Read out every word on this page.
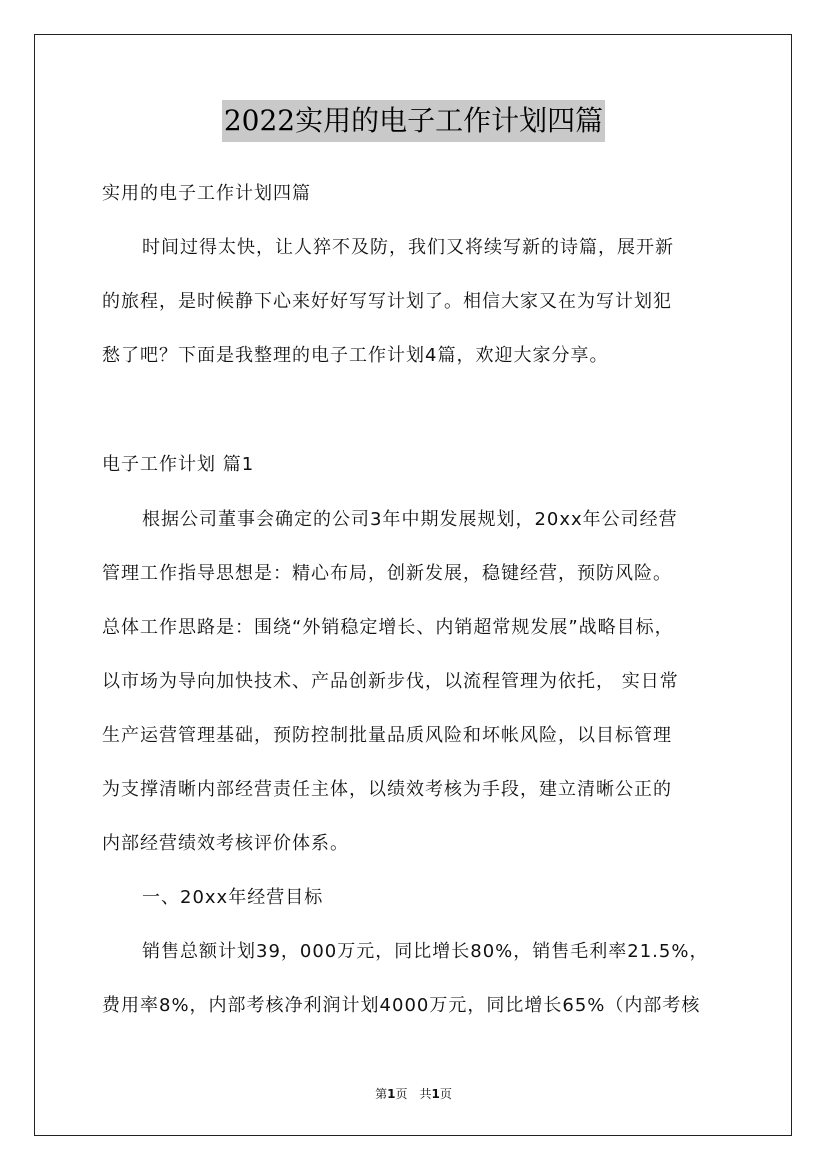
2022实用的电子工作计划四篇
实用的电子工作计划四篇
时间过得太快，让人猝不及防，我们又将续写新的诗篇，展开新
的旅程，是时候静下心来好好写写计划了。相信大家又在为写计划犯
愁了吧？下面是我整理的电子工作计划4篇，欢迎大家分享。
电子工作计划 篇1
根据公司董事会确定的公司3年中期发展规划，20xx年公司经营
管理工作指导思想是：精心布局，创新发展，稳键经营，预防风险。
总体工作思路是：围绕“外销稳定增长、内销超常规发展”战略目标，
以市场为导向加快技术、产品创新步伐，以流程管理为依托， 实日常
生产运营管理基础，预防控制批量品质风险和坏帐风险，以目标管理
为支撑清晰内部经营责任主体，以绩效考核为手段，建立清晰公正的
内部经营绩效考核评价体系。
一、20xx年经营目标
销售总额计划39，000万元，同比增长80%，销售毛利率21.5%，
费用率8%，内部考核净利润计划4000万元，同比增长65%（内部考核
第1页　共1页
